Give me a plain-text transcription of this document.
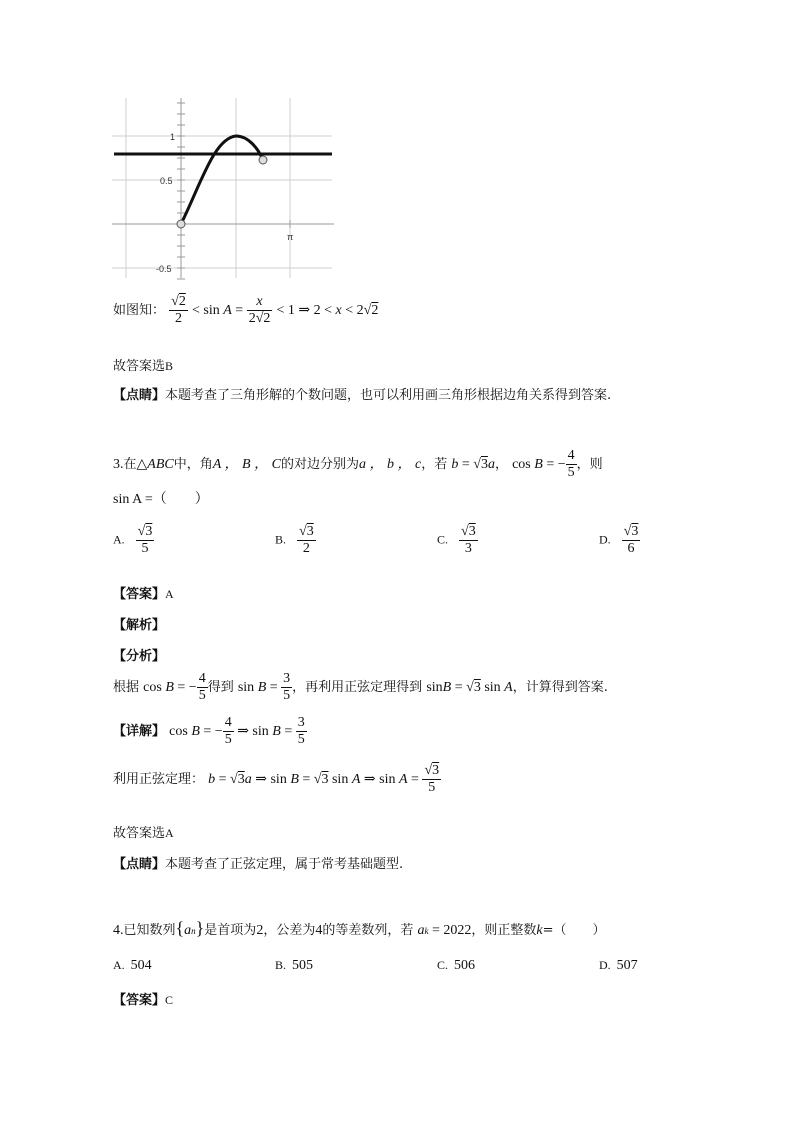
1
0.5
-0.5
π
如图知： $\frac{√2}{2} < \sin A = \frac{x}{2√2} < 1$ ⇒ 2 < x < 2√2
故答案选B
【点睛】本题考查了三角形解的个数问题，也可以利用画三角形根据边角关系得到答案.
3.在△ABC中，角A ， B ， C的对边分别为a ， b ， c，若 b = √3a， cos B = − $\frac{4}{5}$ ，则
sin A =（　　）
A. $\frac{√3}{5}$	B. $\frac{√3}{2}$	C. $\frac{√3}{3}$	D. $\frac{√3}{6}$
【答案】A
【解析】
【分析】
根据 cos B = − $\frac{4}{5}$ 得到 $\sin B = \frac{3}{5}$ ，再利用正弦定理得到 sinB = √3 sin A，计算得到答案.
【详解】 cos B = − $\frac{4}{5}$ ⇒ $\sin B = \frac{3}{5}$
利用正弦定理： b = √3a ⇒ sin B = √3 sin A ⇒ $\sin A = \frac{√3}{5}$
故答案选A
【点睛】本题考查了正弦定理，属于常考基础题型.
4.已知数列{an}是首项为2，公差为4的等差数列，若 ak = 2022，则正整数k=（　　）
A. 504	B. 505	C. 506	D. 507
【答案】C
